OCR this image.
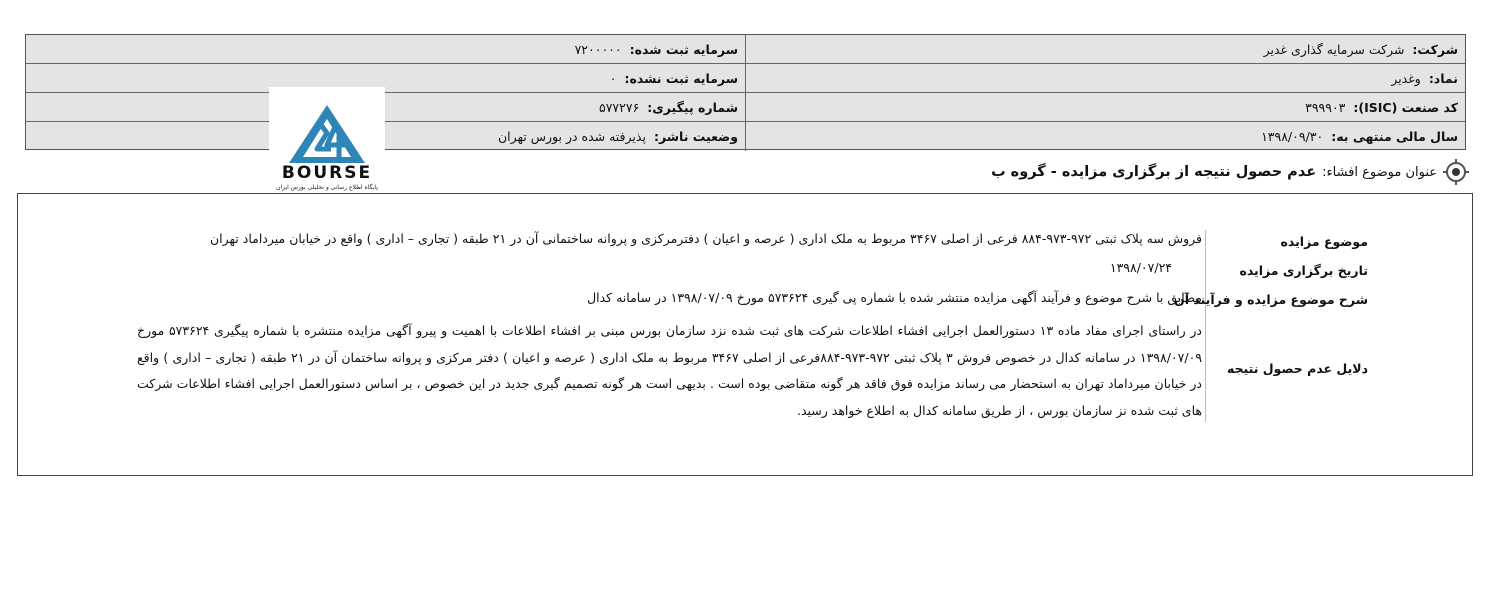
شرکت:
شرکت سرمایه گذاری غدیر
سرمایه ثبت شده:
۷۲۰۰۰۰۰
نماد:
وغدیر
سرمایه ثبت نشده:
۰
کد صنعت (ISIC):
۳۹۹۹۰۳
شماره پیگیری:
۵۷۷۲۷۶
سال مالی منتهی به:
۱۳۹۸/۰۹/۳۰
وضعیت ناشر:
پذیرفته شده در بورس تهران
BOURSE
پایگاه اطلاع رسانی و تحلیلی بورس ایران
عنوان موضوع افشاء:
عدم حصول نتیجه از برگزاری مزایده - گروه ب
موضوع مزایده
فروش سه پلاک ثبتی ۹۷۲-۹۷۳-۸۸۴ فرعی از اصلی ۳۴۶۷ مربوط به ملک اداری ( عرصه و اعیان ) دفترمرکزی و پروانه ساختمانی آن در ۲۱ طبقه ( تجاری – اداری ) واقع در خیابان میرداماد تهران
تاریخ برگزاری مزایده
۱۳۹۸/۰۷/۲۴
شرح موضوع مزایده و فرآیند آن
مطابق با شرح موضوع و فرآیند آگهی مزایده منتشر شده با شماره پی گیری ۵۷۳۶۲۴ مورخ ۱۳۹۸/۰۷/۰۹ در سامانه کدال
دلایل عدم حصول نتیجه
در راستای اجرای مفاد ماده ۱۳ دستورالعمل اجرایی افشاء اطلاعات شرکت های ثبت شده نزد سازمان بورس مبنی بر افشاء اطلاعات با اهمیت و پیرو آگهی مزایده منتشره با شماره پیگیری ۵۷۳۶۲۴ مورخ ۱۳۹۸/۰۷/۰۹ در سامانه کدال در خصوص فروش ۳ پلاک ثبتی ۹۷۲-۹۷۳-۸۸۴فرعی از اصلی ۳۴۶۷ مربوط به ملک اداری ( عرصه و اعیان ) دفتر مرکزی و پروانه ساختمان آن در ۲۱ طبقه ( تجاری – اداری ) واقع در خیابان میرداماد تهران به استحضار می رساند مزایده فوق فاقد هر گونه متقاضی بوده است . بدیهی است هر گونه تصمیم گیری جدید در این خصوص ، بر اساس دستورالعمل اجرایی افشاء اطلاعات شرکت های ثبت شده نز سازمان بورس ، از طریق سامانه کدال به اطلاع خواهد رسید.
